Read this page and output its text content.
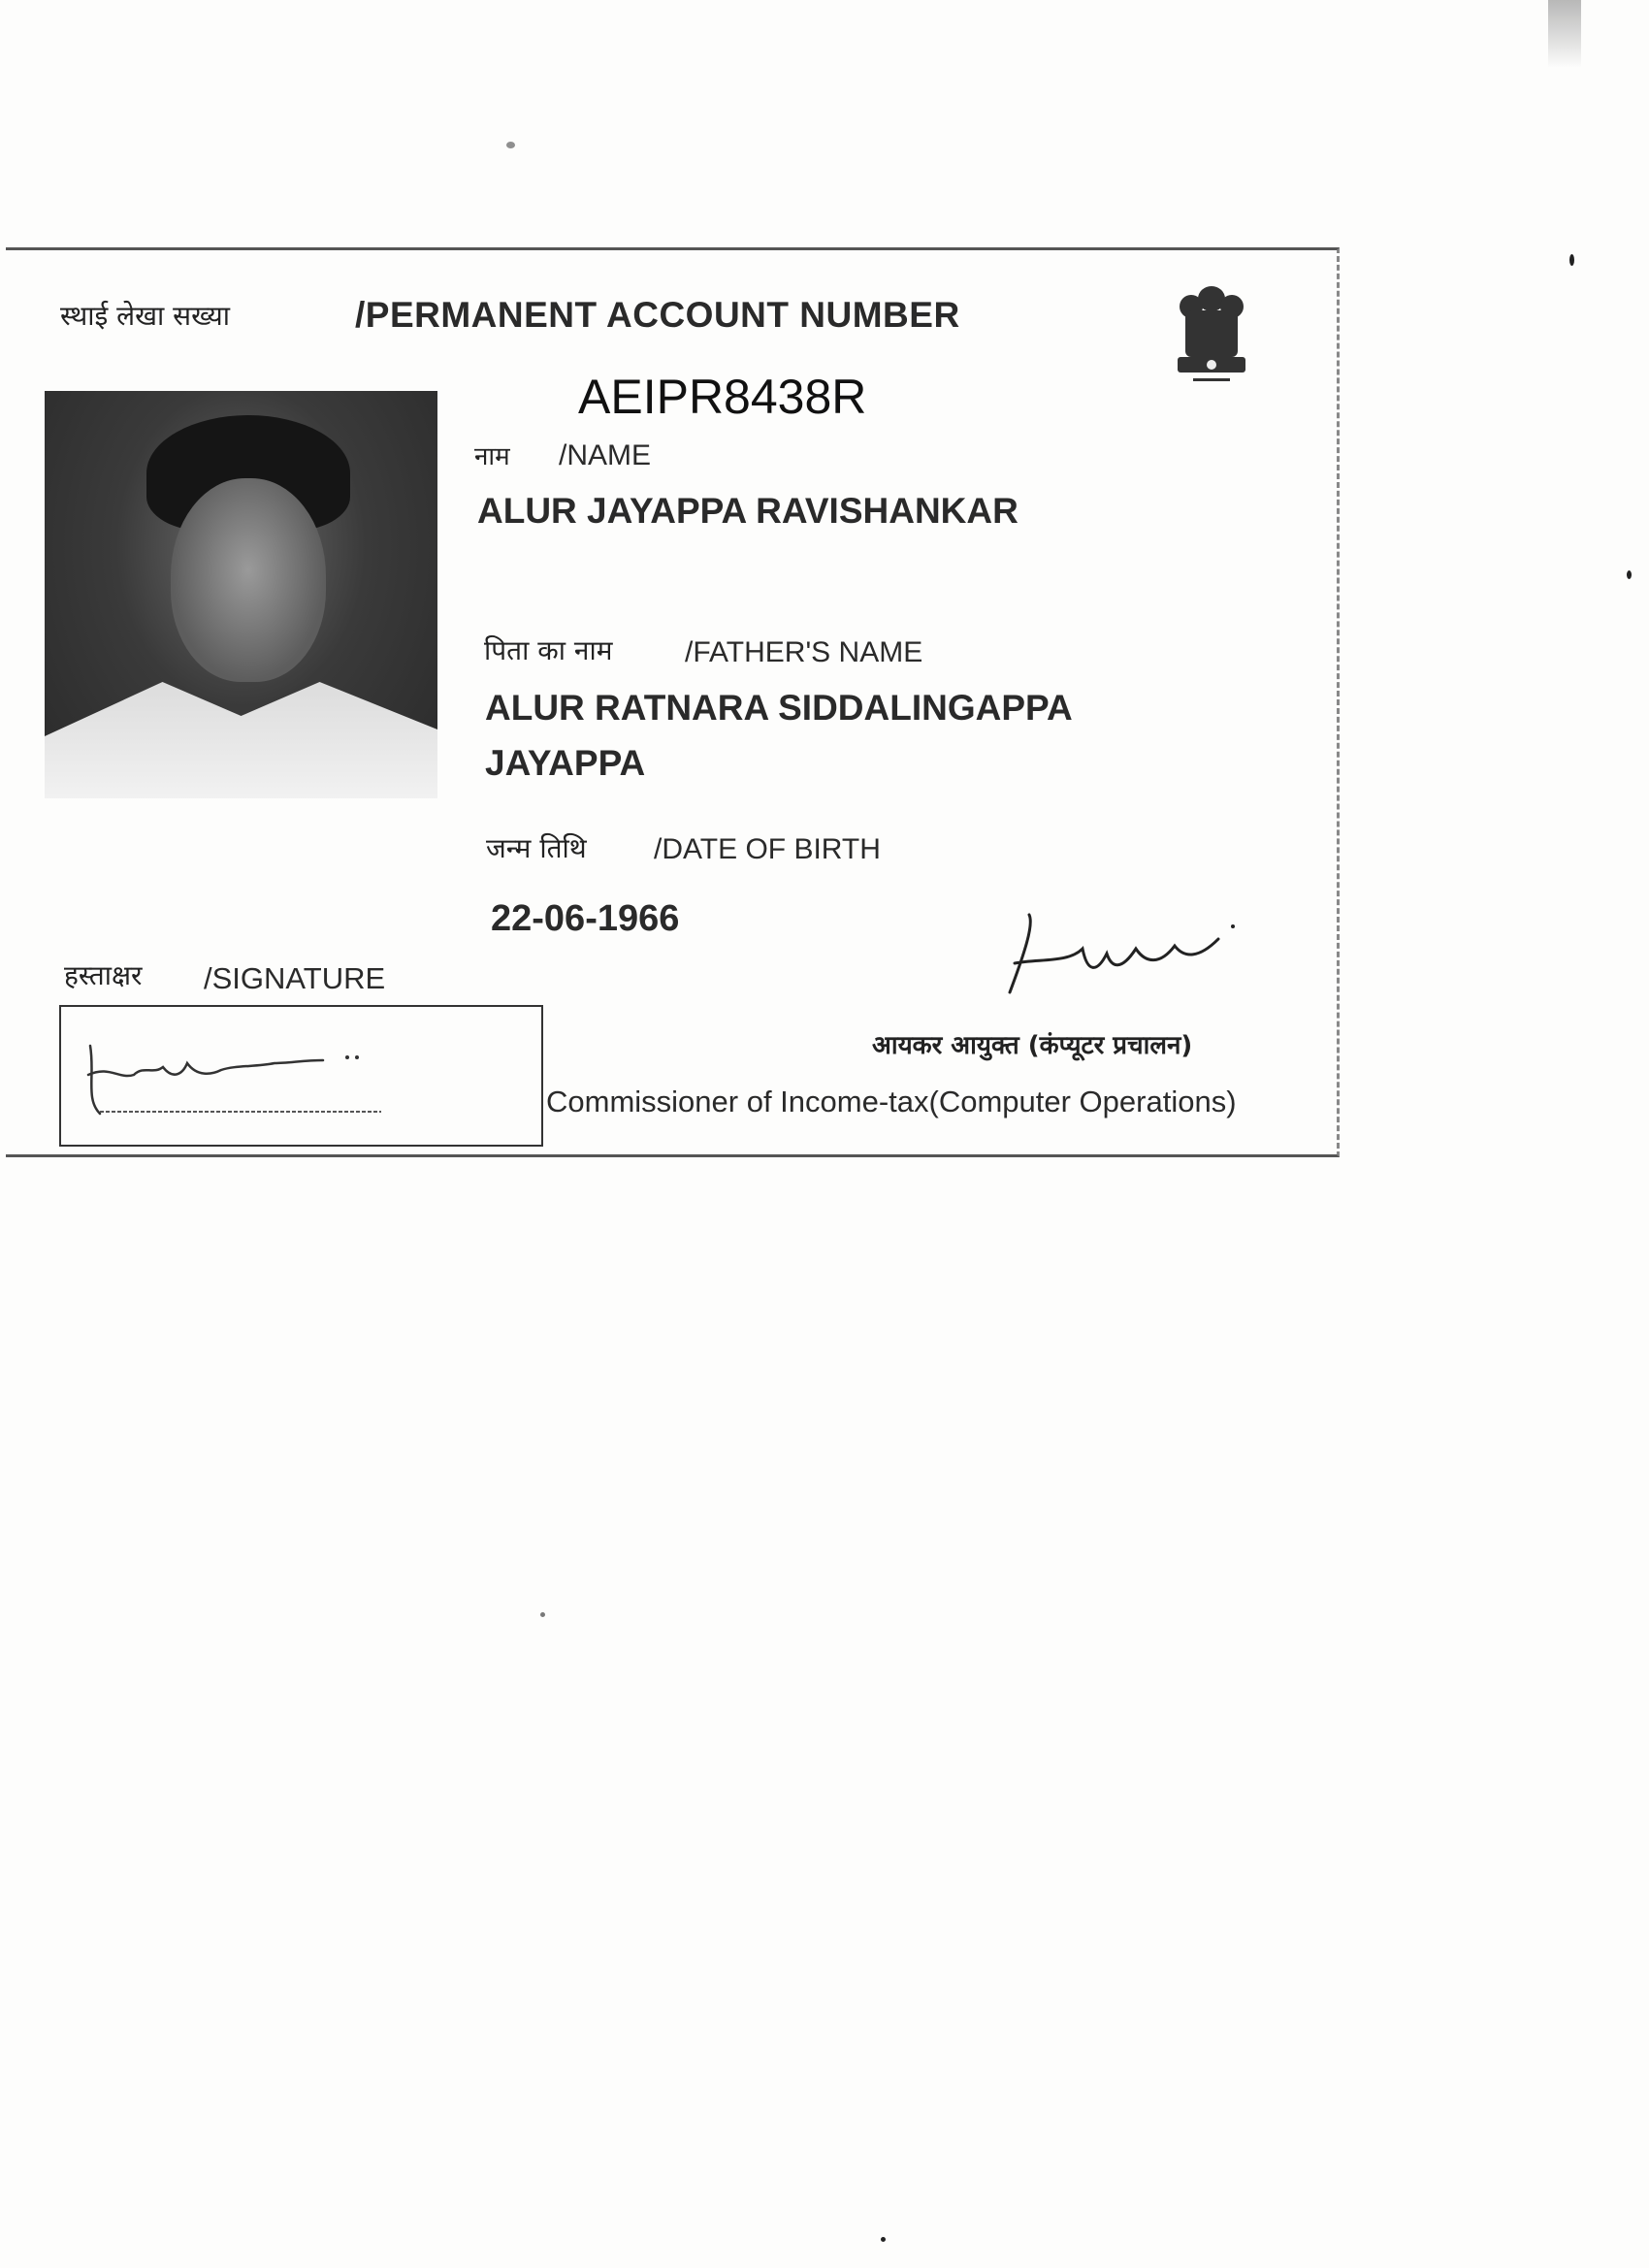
स्थाई लेखा सख्या	/PERMANENT ACCOUNT NUMBER
AEIPR8438R
नाम /NAME
ALUR JAYAPPA RAVISHANKAR
पिता का नाम /FATHER'S NAME
ALUR RATNARA SIDDALINGAPPA
JAYAPPA
जन्म तिथि /DATE OF BIRTH
22-06-1966
हस्ताक्षर /SIGNATURE
आयकर आयुक्त (कंप्यूटर प्रचालन)
Commissioner of Income-tax(Computer Operations)
